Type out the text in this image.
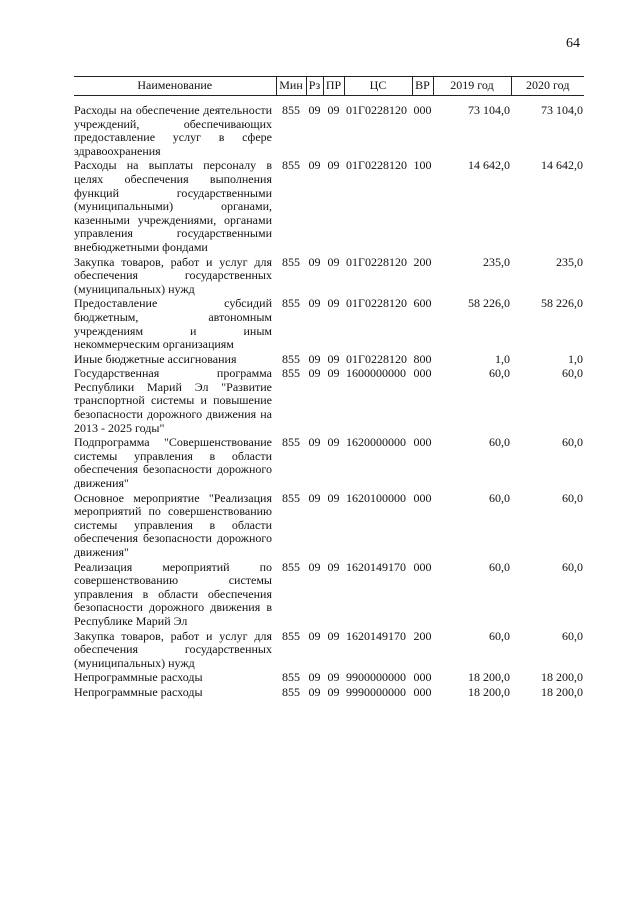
64
Наименование	Мин	Рз	ПР	ЦС	ВР	2019 год	2020 год
Расходы на обеспечение деятельности учреждений, обеспечивающих предоставление услуг в сфере здравоохранения	855	09	09	01Г0228120	000	73 104,0	73 104,0
Расходы на выплаты персоналу в целях обеспечения выполнения функций государственными (муниципальными) органами, казенными учреждениями, органами управления государственными внебюджетными фондами	855	09	09	01Г0228120	100	14 642,0	14 642,0
Закупка товаров, работ и услуг для обеспечения государственных (муниципальных) нужд	855	09	09	01Г0228120	200	235,0	235,0
Предоставление субсидий бюджетным, автономным учреждениям и иным некоммерческим организациям	855	09	09	01Г0228120	600	58 226,0	58 226,0
Иные бюджетные ассигнования	855	09	09	01Г0228120	800	1,0	1,0
Государственная программа Республики Марий Эл "Развитие транспортной системы и повышение безопасности дорожного движения на 2013 - 2025 годы"	855	09	09	1600000000	000	60,0	60,0
Подпрограмма "Совершенствование системы управления в области обеспечения безопасности дорожного движения"	855	09	09	1620000000	000	60,0	60,0
Основное мероприятие "Реализация мероприятий по совершенствованию системы управления в области обеспечения безопасности дорожного движения"	855	09	09	1620100000	000	60,0	60,0
Реализация мероприятий по совершенствованию системы управления в области обеспечения безопасности дорожного движения в Республике Марий Эл	855	09	09	1620149170	000	60,0	60,0
Закупка товаров, работ и услуг для обеспечения государственных (муниципальных) нужд	855	09	09	1620149170	200	60,0	60,0
Непрограммные расходы	855	09	09	9900000000	000	18 200,0	18 200,0
Непрограммные расходы	855	09	09	9990000000	000	18 200,0	18 200,0
